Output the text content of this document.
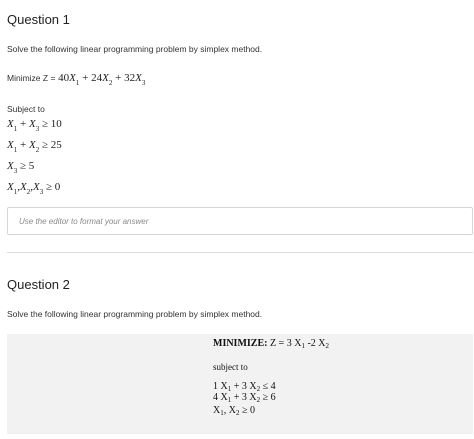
Question 1
Solve the following linear programming problem by simplex method.
Minimize $Z = 40X_1 + 24X_2 + 32X_3$
Subject to
$X_1 + X_3 \ge 10$
$X_1 + X_2 \ge 25$
$X_3 \ge 5$
$X_1,X_2,X_3 \ge 0$
Use the editor to format your answer
Question 2
Solve the following linear programming problem by simplex method.
MINIMIZE: Z = 3 $X_1$ -2 $X_2$
subject to
1 $X_1 + 3$ $X_2 \le 4$
4 $X_1 + 3$ $X_2 \ge 6$
$X_1$, $X_2 \ge 0$
